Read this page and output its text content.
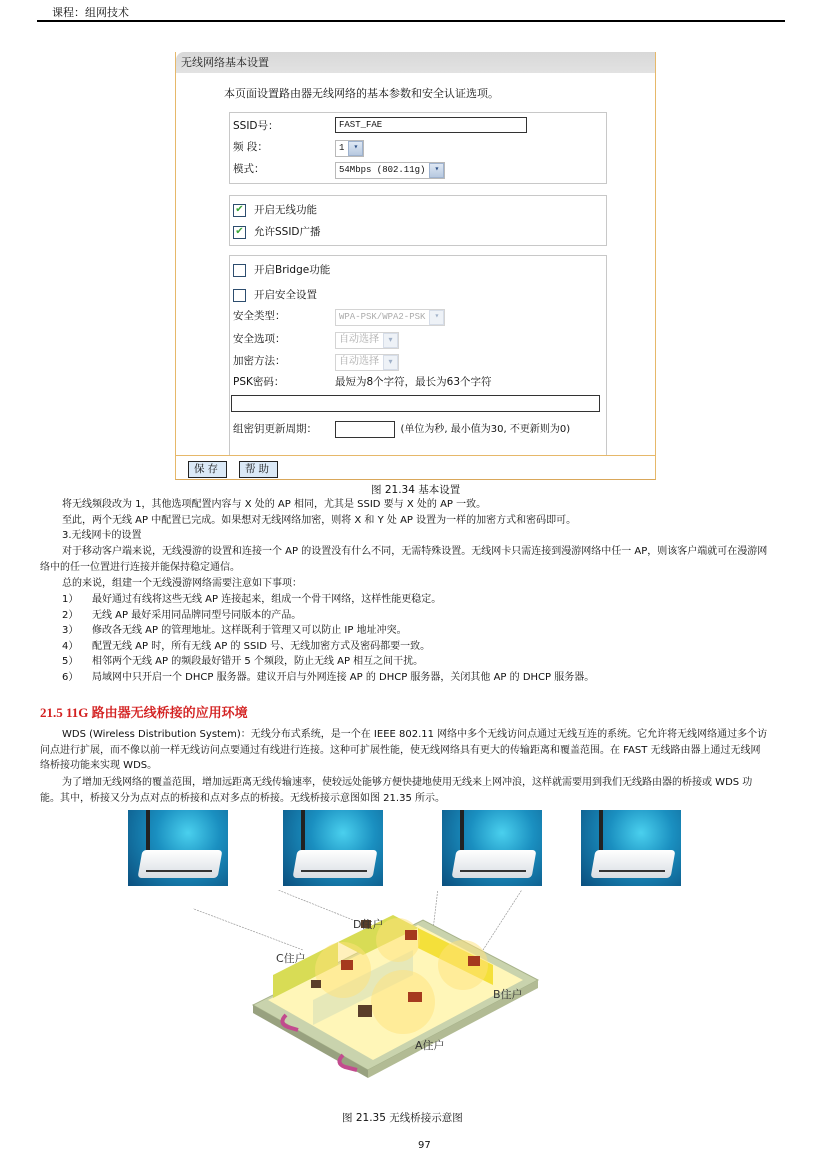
课程：组网技术
无线网络基本设置
本页面设置路由器无线网络的基本参数和安全认证选项。
SSID号：	FAST_FAE
频 段：	1	▾
模式：	54Mbps (802.11g)	▾
✔ 开启无线功能
✔ 允许SSID广播
开启Bridge功能
开启安全设置
安全类型：	WPA-PSK/WPA2-PSK	▾
安全选项：	自动选择	▾
加密方法：	自动选择	▾
PSK密码：	最短为8个字符，最长为63个字符
组密钥更新周期：	(单位为秒, 最小值为30, 不更新则为0)
保存	帮助
图 21.34 基本设置
将无线频段改为 1，其他选项配置内容与 X 处的 AP 相同，尤其是 SSID 要与 X 处的 AP 一致。
至此，两个无线 AP 中配置已完成。如果想对无线网络加密，则将 X 和 Y 处 AP 设置为一样的加密方式和密码即可。
3.无线网卡的设置
对于移动客户端来说，无线漫游的设置和连接一个 AP 的设置没有什么不同，无需特殊设置。无线网卡只需连接到漫游网络中任一 AP，则该客户端就可在漫游网络中的任一位置进行连接并能保持稳定通信。
总的来说，组建一个无线漫游网络需要注意如下事项：
1）	最好通过有线将这些无线 AP 连接起来，组成一个骨干网络，这样性能更稳定。
2）	无线 AP 最好采用同品牌同型号同版本的产品。
3）	修改各无线 AP 的管理地址。这样既利于管理又可以防止 IP 地址冲突。
4）	配置无线 AP 时，所有无线 AP 的 SSID 号、无线加密方式及密码都要一致。
5）	相邻两个无线 AP 的频段最好错开 5 个频段，防止无线 AP 相互之间干扰。
6）	局域网中只开启一个 DHCP 服务器。建议开启与外网连接 AP 的 DHCP 服务器，关闭其他 AP 的 DHCP 服务器。
21.5 11G 路由器无线桥接的应用环境
WDS (Wireless Distribution System)：无线分布式系统，是一个在 IEEE 802.11 网络中多个无线访问点通过无线互连的系统。它允许将无线网络通过多个访问点进行扩展，而不像以前一样无线访问点要通过有线进行连接。这种可扩展性能，使无线网络具有更大的传输距离和覆盖范围。在 FAST 无线路由器上通过无线网络桥接功能来实现 WDS。
为了增加无线网络的覆盖范围，增加远距离无线传输速率，使较远处能够方便快捷地使用无线来上网冲浪，这样就需要用到我们无线路由器的桥接或 WDS 功能。其中，桥接又分为点对点的桥接和点对多点的桥接。无线桥接示意图如图 21.35 所示。
D住户
C住户
B住户
A住户
图 21.35 无线桥接示意图
97
